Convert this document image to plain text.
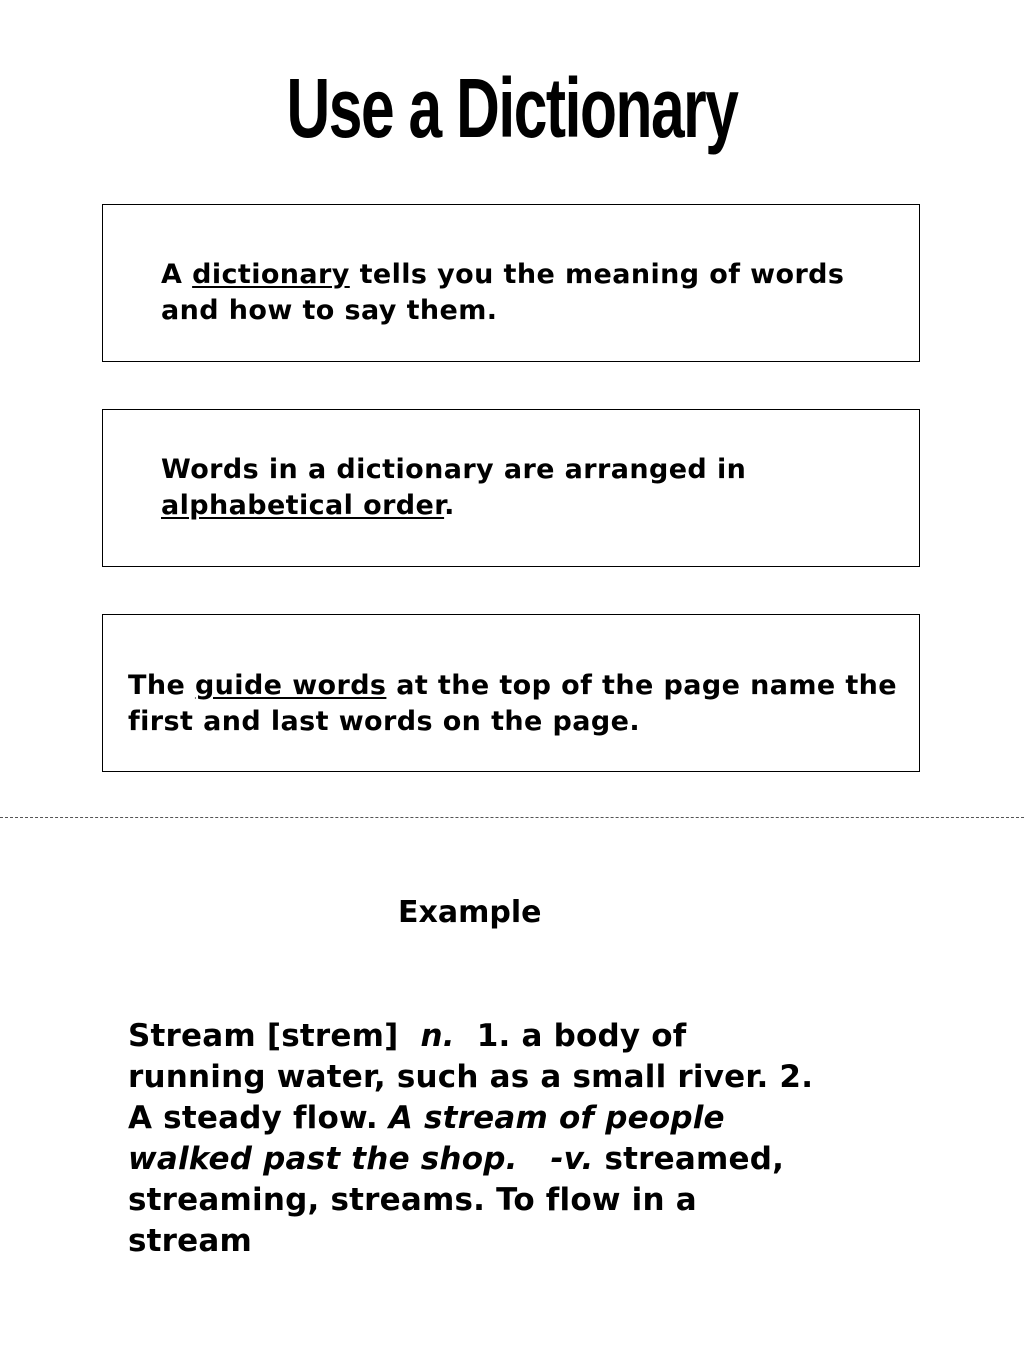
Use a Dictionary

A dictionary tells you the meaning of words and how to say them.

Words in a dictionary are arranged in alphabetical order.

The guide words at the top of the page name the first and last words on the page.

Example

Stream [strem] n. 1. a body of running water, such as a small river. 2. A steady flow. A stream of people walked past the shop. -v. streamed, streaming, streams. To flow in a stream
